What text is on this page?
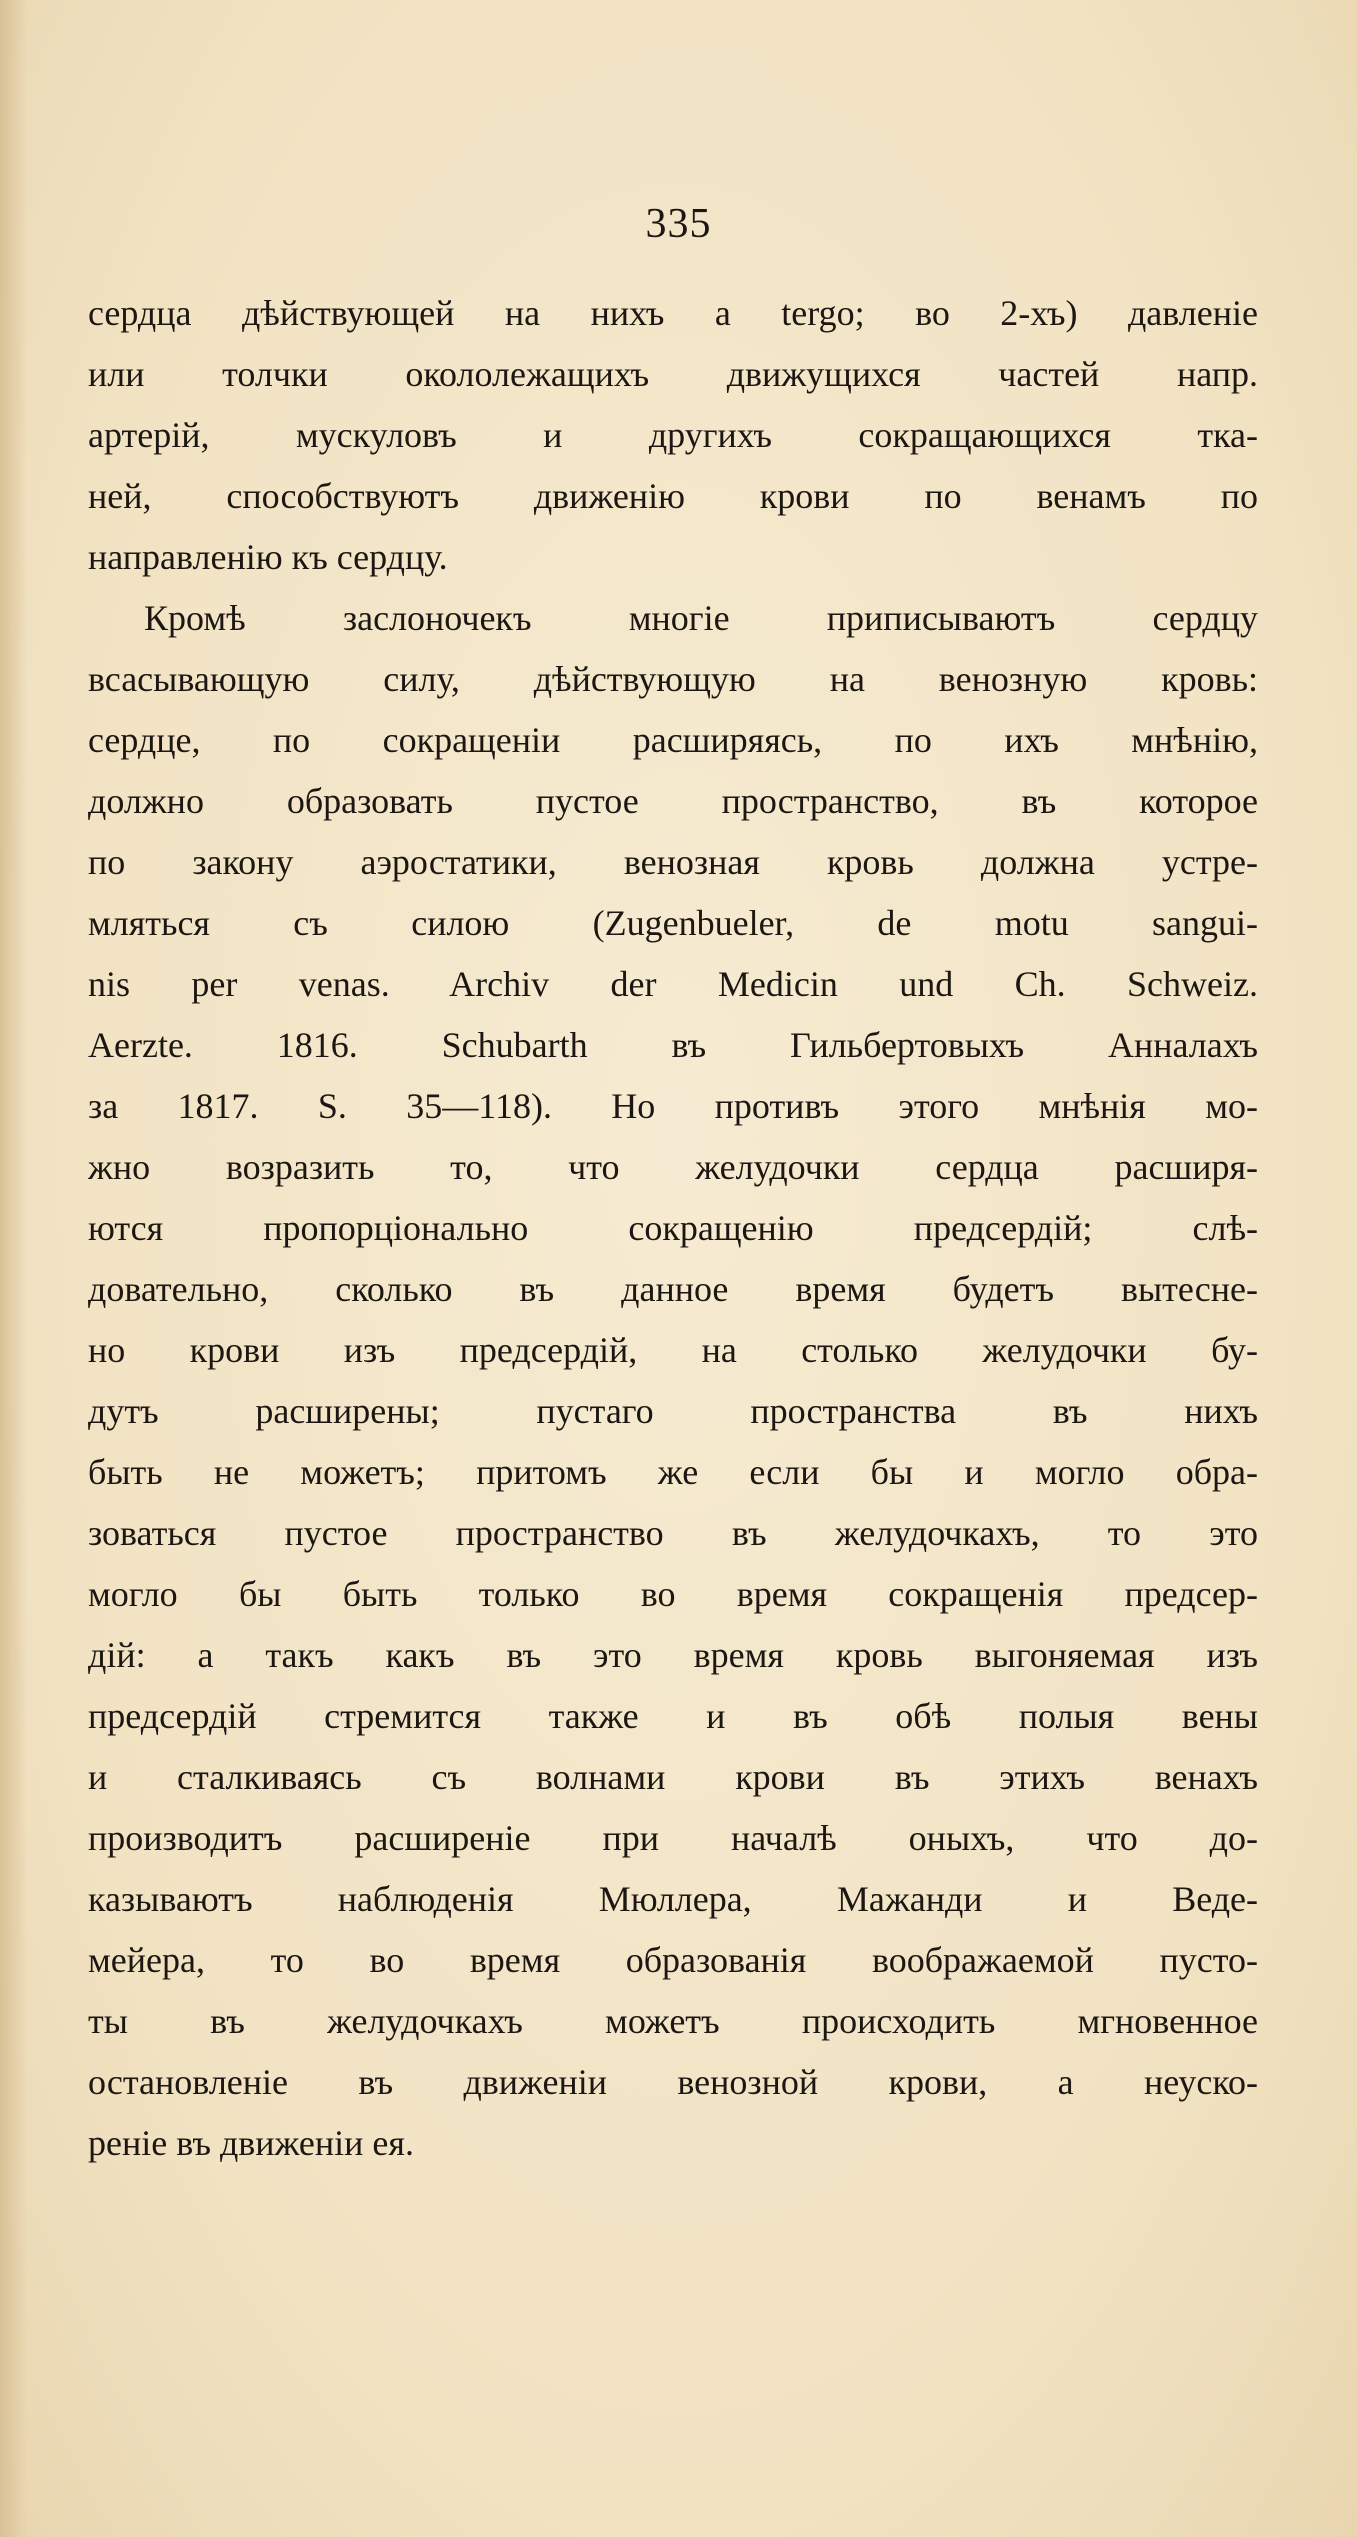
335
сердца дѣйствующей на нихъ a tergo; во 2-хъ) давленіе
или толчки окололежащихъ движущихся частей напр.
артерій, мускуловъ и другихъ сокращающихся тка-
ней, способствуютъ движенію крови по венамъ по
направленію къ сердцу.
Кромѣ заслоночекъ многіе приписываютъ сердцу
всасывающую силу, дѣйствующую на венозную кровь:
сердце, по сокращеніи расширяясь, по ихъ мнѣнію,
должно образовать пустое пространство, въ которое
по закону аэростатики, венозная кровь должна устре-
мляться съ силою (Zugenbueler, de motu sangui-
nis per venas. Archiv der Medicin und Ch. Schweiz.
Aerzte. 1816. Schubarth въ Гильбертовыхъ Анналахъ
за 1817. S. 35—118). Но противъ этого мнѣнія мо-
жно возразить то, что желудочки сердца расширя-
ются пропорціонально сокращенію предсердій; слѣ-
довательно, сколько въ данное время будетъ вытесне-
но крови изъ предсердій, на столько желудочки бу-
дутъ расширены; пустаго пространства въ нихъ
быть не можетъ; притомъ же если бы и могло обра-
зоваться пустое пространство въ желудочкахъ, то это
могло бы быть только во время сокращенія предсер-
дій: а такъ какъ въ это время кровь выгоняемая изъ
предсердій стремится также и въ обѣ полыя вены
и сталкиваясь съ волнами крови въ этихъ венахъ
производитъ расширеніе при началѣ оныхъ, что до-
казываютъ наблюденія Мюллера, Мажанди и Веде-
мейера, то во время образованія воображаемой пусто-
ты въ желудочкахъ можетъ происходить мгновенное
остановленіе въ движеніи венозной крови, а неуско-
реніе въ движеніи ея.
